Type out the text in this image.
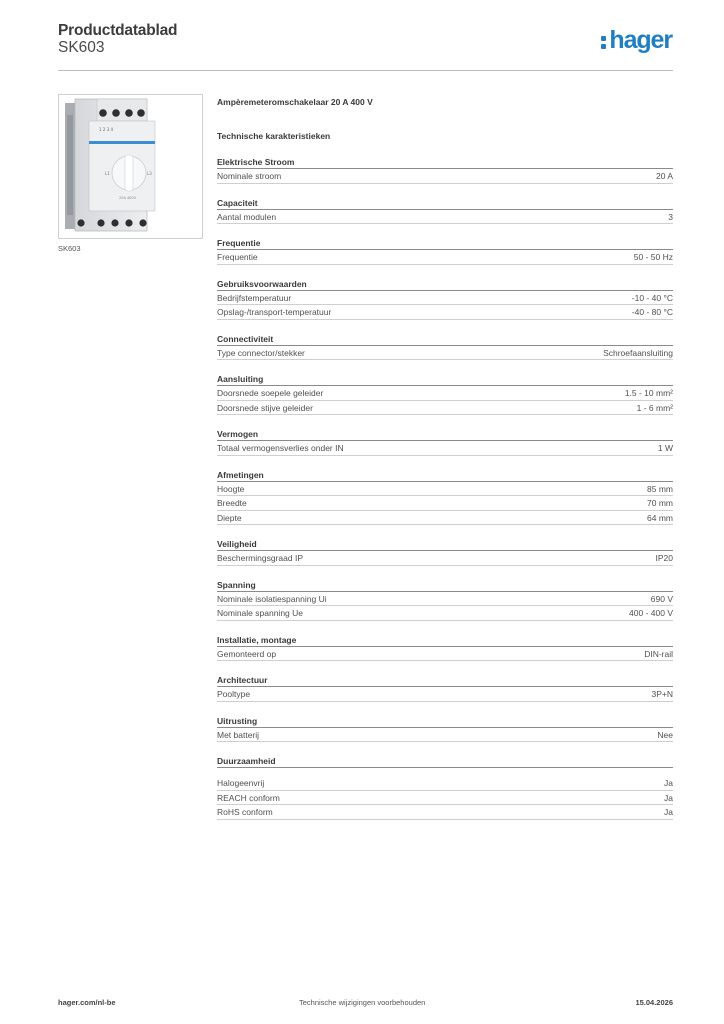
Productdatablad
SK603	hager
1 2 3 4
L1	L3
20A 400V
SK603
Ampèremeteromschakelaar 20 A 400 V
Technische karakteristieken
Elektrische Stroom
Nominale stroom	20 A
Capaciteit
Aantal modulen	3
Frequentie
Frequentie	50 - 50 Hz
Gebruiksvoorwaarden
Bedrijfstemperatuur	-10 - 40 °C
Opslag-/transport-temperatuur	-40 - 80 °C
Connectiviteit
Type connector/stekker	Schroefaansluiting
Aansluiting
Doorsnede soepele geleider	1.5 - 10 mm²
Doorsnede stijve geleider	1 - 6 mm²
Vermogen
Totaal vermogensverlies onder IN	1 W
Afmetingen
Hoogte	85 mm
Breedte	70 mm
Diepte	64 mm
Veiligheid
Beschermingsgraad IP	IP20
Spanning
Nominale isolatiespanning Ui	690 V
Nominale spanning Ue	400 - 400 V
Installatie, montage
Gemonteerd op	DIN-rail
Architectuur
Pooltype	3P+N
Uitrusting
Met batterij	Nee
Duurzaamheid
Halogeenvrij	Ja
REACH conform	Ja
RoHS conform	Ja
hager.com/nl-be	Technische wijzigingen voorbehouden	15.04.2026
